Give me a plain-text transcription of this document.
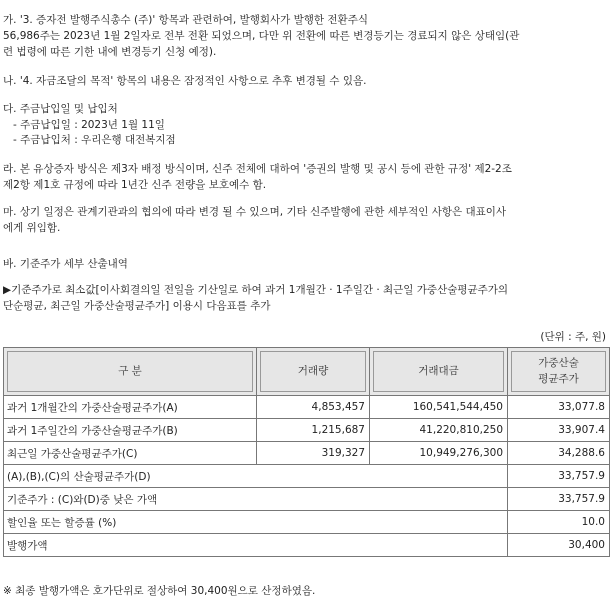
가. '3. 증자전 발행주식총수 (주)' 항목과 관련하여, 발행회사가 발행한 전환주식
56,986주는 2023년 1월 2일자로 전부 전환 되었으며, 다만 위 전환에 따른 변경등기는 경료되지 않은 상태임(관
련 법령에 따른 기한 내에 변경등기 신청 예정).
나. '4. 자금조달의 목적' 항목의 내용은 잠정적인 사항으로 추후 변경될 수 있음.
다. 주금납입일 및 납입처
- 주금납입일 : 2023년 1월 11일
- 주금납입처 : 우리은행 대전복지점
라. 본 유상증자 방식은 제3자 배정 방식이며, 신주 전체에 대하여 '증권의 발행 및 공시 등에 관한 규정' 제2-2조
제2항 제1호 규정에 따라 1년간 신주 전량을 보호예수 함.
마. 상기 일정은 관계기관과의 협의에 따라 변경 될 수 있으며, 기타 신주발행에 관한 세부적인 사항은 대표이사
에게 위임함.
바. 기준주가 세부 산출내역
▶기준주가로 최소값[이사회결의일 전일을 기산일로 하여 과거 1개월간 · 1주일간 · 최근일 가중산술평균주가의
단순평균, 최근일 가중산술평균주가] 이용시 다음표를 추가
(단위 : 주, 원)
구 분	거래량	거래대금	가중산술
평균주가

과거 1개월간의 가중산술평균주가(A)	4,853,457	160,541,544,450	33,077.8
과거 1주일간의 가중산술평균주가(B)	1,215,687	41,220,810,250	33,907.4
최근일 가중산술평균주가(C)	319,327	10,949,276,300	34,288.6
(A),(B),(C)의 산술평균주가(D)			33,757.9
기준주가 : (C)와(D)중 낮은 가액			33,757.9
할인율 또는 할증률 (%)			10.0
발행가액			30,400
※ 최종 발행가액은 호가단위로 절상하여 30,400원으로 산정하였음.
